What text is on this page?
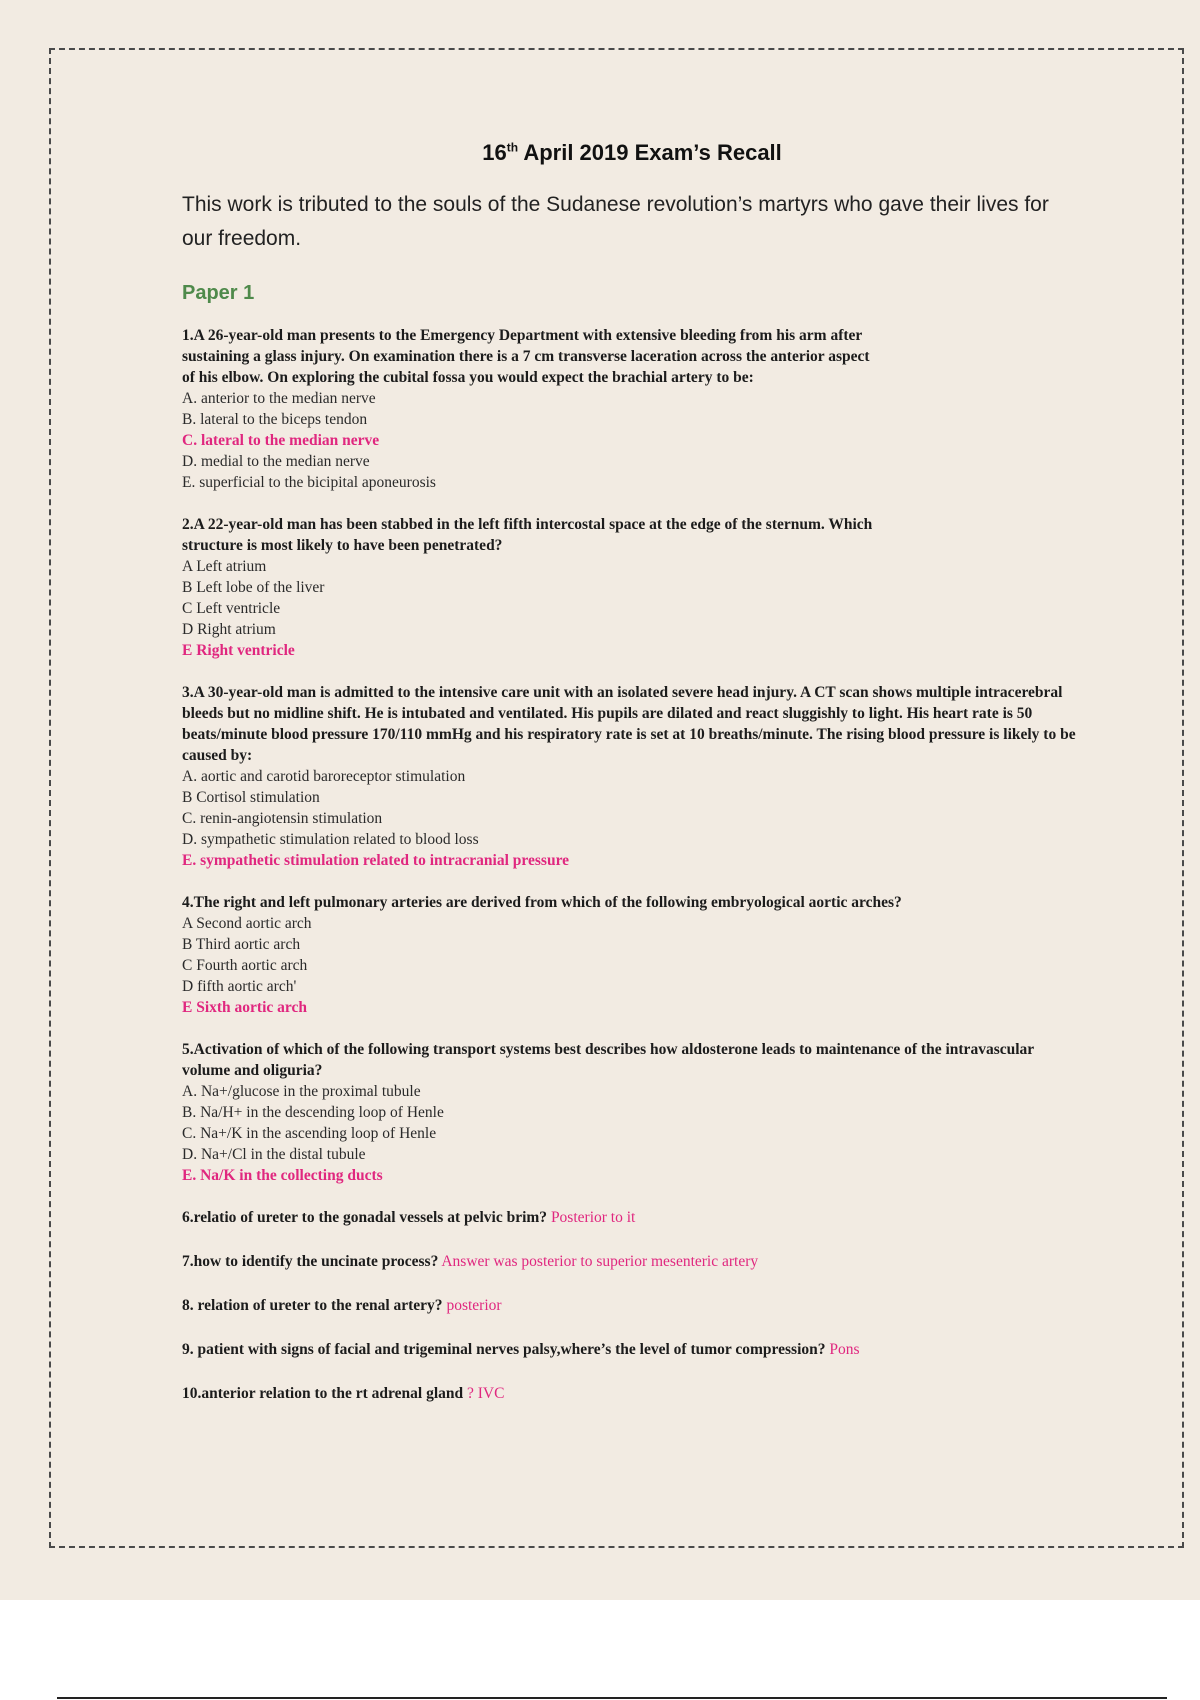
16th April 2019 Exam’s Recall

This work is tributed to the souls of the Sudanese revolution’s martyrs who gave their lives for our freedom.

Paper 1
1.A 26-year-old man presents to the Emergency Department with extensive bleeding from his arm after sustaining a glass injury. On examination there is a 7 cm transverse laceration across the anterior aspect of his elbow. On exploring the cubital fossa you would expect the brachial artery to be:
A. anterior to the median nerve
B. lateral to the biceps tendon
C. lateral to the median nerve
D. medial to the median nerve
E. superficial to the bicipital aponeurosis
2.A 22-year-old man has been stabbed in the left fifth intercostal space at the edge of the sternum. Which structure is most likely to have been penetrated?
A Left atrium
B Left lobe of the liver
C Left ventricle
D Right atrium
E Right ventricle
3.A 30-year-old man is admitted to the intensive care unit with an isolated severe head injury. A CT scan shows multiple intracerebral bleeds but no midline shift. He is intubated and ventilated. His pupils are dilated and react sluggishly to light. His heart rate is 50 beats/minute blood pressure 170/110 mmHg and his respiratory rate is set at 10 breaths/minute. The rising blood pressure is likely to be caused by:
A. aortic and carotid baroreceptor stimulation
B Cortisol stimulation
C. renin-angiotensin stimulation
D. sympathetic stimulation related to blood loss
E. sympathetic stimulation related to intracranial pressure
4.The right and left pulmonary arteries are derived from which of the following embryological aortic arches?
A Second aortic arch
B Third aortic arch
C Fourth aortic arch
D fifth aortic arch'
E Sixth aortic arch
5.Activation of which of the following transport systems best describes how aldosterone leads to maintenance of the intravascular volume and oliguria?
A. Na+/glucose in the proximal tubule
B. Na/H+ in the descending loop of Henle
C. Na+/K in the ascending loop of Henle
D. Na+/Cl in the distal tubule
E. Na/K in the collecting ducts
6.relatio of ureter to the gonadal vessels at pelvic brim? Posterior to it
7.how to identify the uncinate process? Answer was posterior to superior mesenteric artery
8. relation of ureter to the renal artery? posterior
9. patient with signs of facial and trigeminal nerves palsy,where’s the level of tumor compression? Pons
10.anterior relation to the rt adrenal gland ? IVC
